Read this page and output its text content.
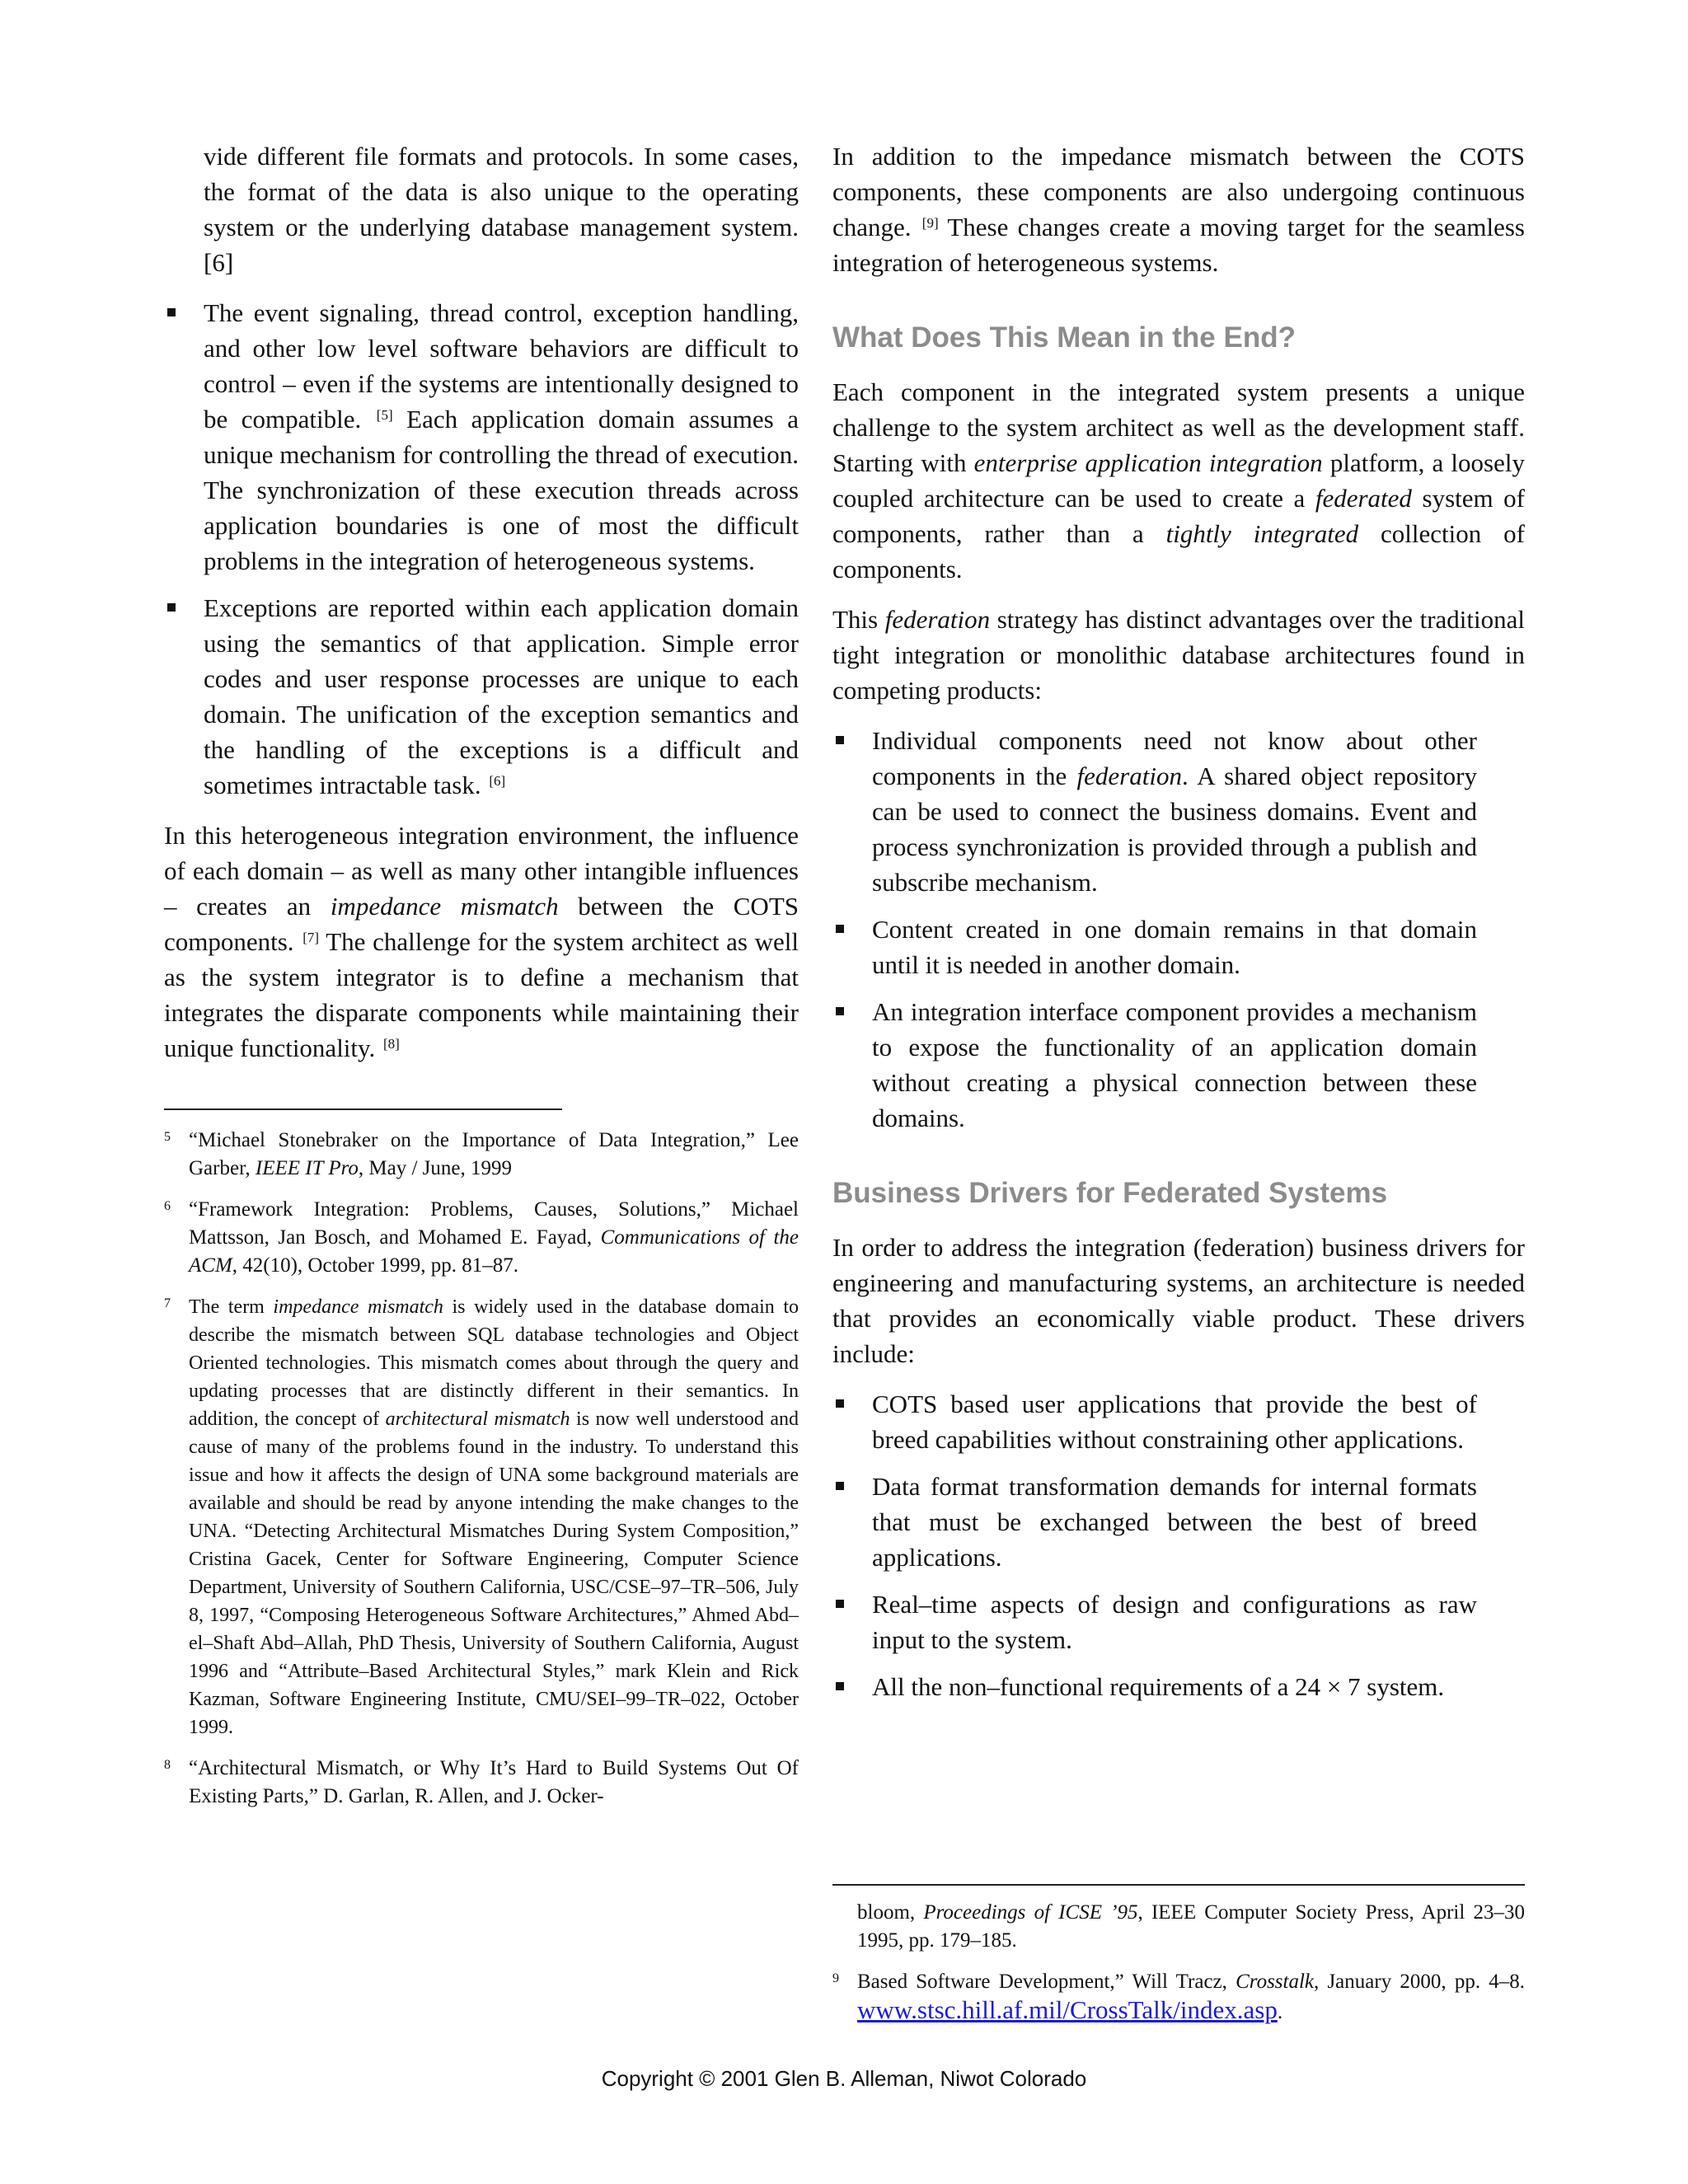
vide different file formats and protocols. In some cases, the format of the data is also unique to the operating system or the underlying database management system. [6]

The event signaling, thread control, exception handling, and other low level software behaviors are difficult to control – even if the systems are intentionally designed to be compatible. [5] Each application domain assumes a unique mechanism for controlling the thread of execution. The synchronization of these execution threads across application boundaries is one of most the difficult problems in the integration of heterogeneous systems.
Exceptions are reported within each application domain using the semantics of that application. Simple error codes and user response processes are unique to each domain. The unification of the exception semantics and the handling of the exceptions is a difficult and sometimes intractable task. [6]

In this heterogeneous integration environment, the influence of each domain – as well as many other intangible influences – creates an impedance mismatch between the COTS components. [7] The challenge for the system architect as well as the system integrator is to define a mechanism that integrates the disparate components while maintaining their unique functionality. [8]

5 “Michael Stonebraker on the Importance of Data Integration,” Lee Garber, IEEE IT Pro, May / June, 1999

6 “Framework Integration: Problems, Causes, Solutions,” Michael Mattsson, Jan Bosch, and Mohamed E. Fayad, Communications of the ACM, 42(10), October 1999, pp. 81–87.

7 The term impedance mismatch is widely used in the database domain to describe the mismatch between SQL database technologies and Object Oriented technologies. This mismatch comes about through the query and updating processes that are distinctly different in their semantics. In addition, the concept of architectural mismatch is now well understood and cause of many of the problems found in the industry. To understand this issue and how it affects the design of UNA some background materials are available and should be read by anyone intending the make changes to the UNA. “Detecting Architectural Mismatches During System Composition,” Cristina Gacek, Center for Software Engineering, Computer Science Department, University of Southern California, USC/CSE–97–TR–506, July 8, 1997, “Composing Heterogeneous Software Architectures,” Ahmed Abd–el–Shaft Abd–Allah, PhD Thesis, University of Southern California, August 1996 and “Attribute–Based Architectural Styles,” mark Klein and Rick Kazman, Software Engineering Institute, CMU/SEI–99–TR–022, October 1999.

8 “Architectural Mismatch, or Why It’s Hard to Build Systems Out Of Existing Parts,” D. Garlan, R. Allen, and J. Ocker-

In addition to the impedance mismatch between the COTS components, these components are also undergoing continuous change. [9] These changes create a moving target for the seamless integration of heterogeneous systems.

What Does This Mean in the End?

Each component in the integrated system presents a unique challenge to the system architect as well as the development staff. Starting with enterprise application integration platform, a loosely coupled architecture can be used to create a federated system of components, rather than a tightly integrated collection of components.

This federation strategy has distinct advantages over the traditional tight integration or monolithic database architectures found in competing products:

Individual components need not know about other components in the federation. A shared object repository can be used to connect the business domains. Event and process synchronization is provided through a publish and subscribe mechanism.
Content created in one domain remains in that domain until it is needed in another domain.
An integration interface component provides a mechanism to expose the functionality of an application domain without creating a physical connection between these domains.
Business Drivers for Federated Systems

In order to address the integration (federation) business drivers for engineering and manufacturing systems, an architecture is needed that provides an economically viable product. These drivers include:

COTS based user applications that provide the best of breed capabilities without constraining other applications.
Data format transformation demands for internal formats that must be exchanged between the best of breed applications.
Real–time aspects of design and configurations as raw input to the system.
All the non–functional requirements of a 24 × 7 system.

bloom, Proceedings of ICSE ’95, IEEE Computer Society Press, April 23–30 1995, pp. 179–185.

9 Based Software Development,” Will Tracz, Crosstalk, January 2000, pp. 4–8. www.stsc.hill.af.mil/CrossTalk/index.asp.

Copyright © 2001 Glen B. Alleman, Niwot Colorado
